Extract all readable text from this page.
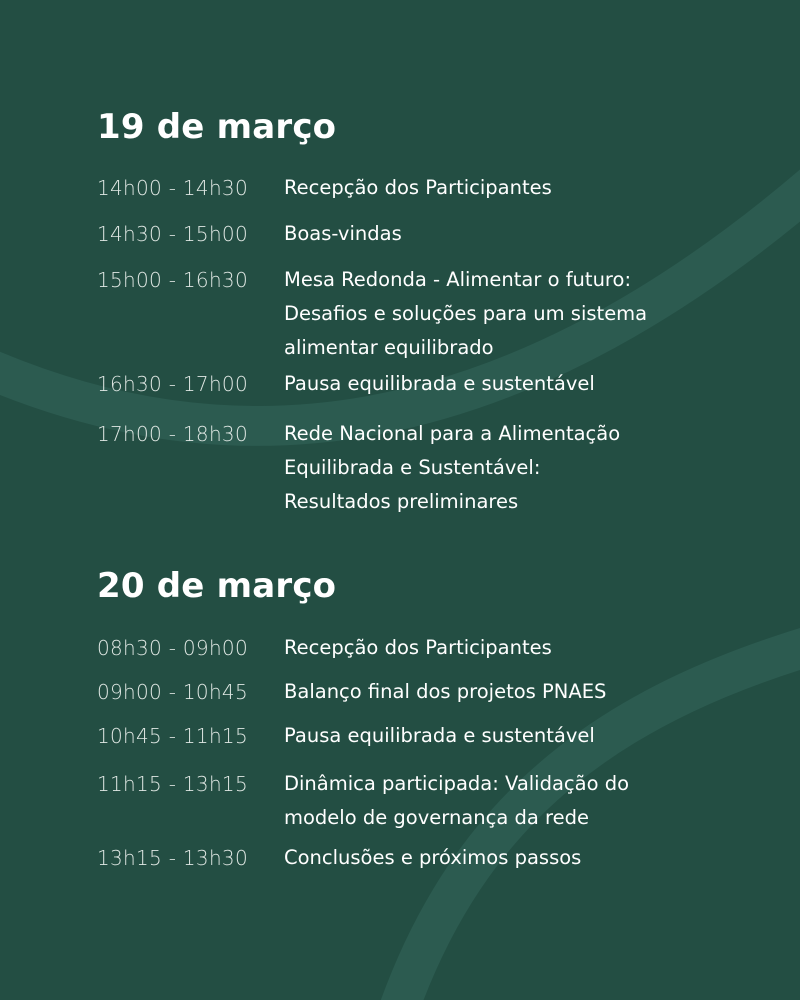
19 de março
14h00 - 14h30	Recepção dos Participantes
14h30 - 15h00	Boas-vindas
15h00 - 16h30	Mesa Redonda - Alimentar o futuro:
Desafios e soluções para um sistema
alimentar equilibrado
16h30 - 17h00	Pausa equilibrada e sustentável
17h00 - 18h30	Rede Nacional para a Alimentação
Equilibrada e Sustentável:
Resultados preliminares
20 de março
08h30 - 09h00	Recepção dos Participantes
09h00 - 10h45	Balanço final dos projetos PNAES
10h45 - 11h15	Pausa equilibrada e sustentável
11h15 - 13h15	Dinâmica participada: Validação do
modelo de governança da rede
13h15 - 13h30	Conclusões e próximos passos
